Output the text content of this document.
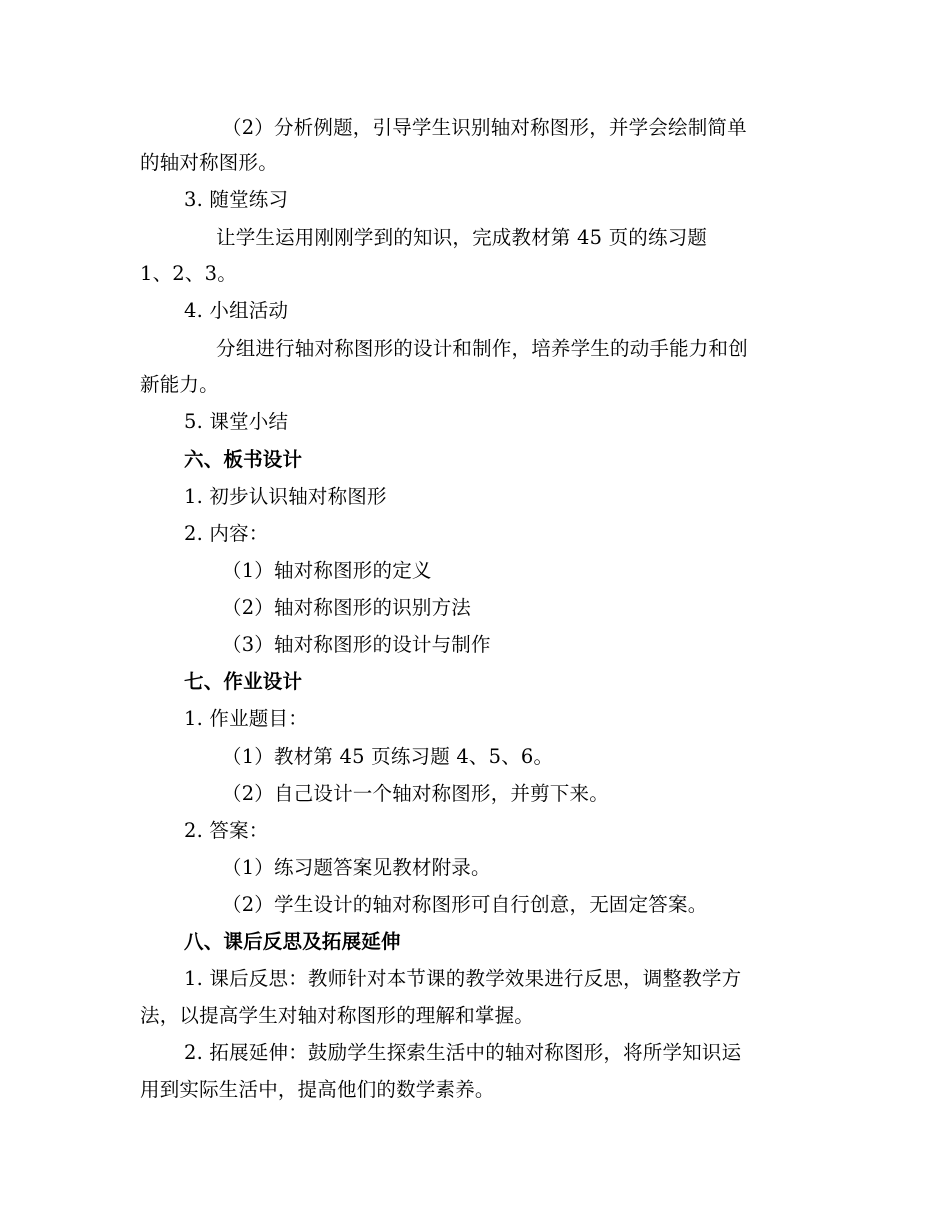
（2）分析例题，引导学生识别轴对称图形，并学会绘制简单
的轴对称图形。
3. 随堂练习
让学生运用刚刚学到的知识，完成教材第 45 页的练习题
1、2、3。
4. 小组活动
分组进行轴对称图形的设计和制作，培养学生的动手能力和创
新能力。
5. 课堂小结
六、板书设计
1. 初步认识轴对称图形
2. 内容：
（1）轴对称图形的定义
（2）轴对称图形的识别方法
（3）轴对称图形的设计与制作
七、作业设计
1. 作业题目：
（1）教材第 45 页练习题 4、5、6。
（2）自己设计一个轴对称图形，并剪下来。
2. 答案：
（1）练习题答案见教材附录。
（2）学生设计的轴对称图形可自行创意，无固定答案。
八、课后反思及拓展延伸
1. 课后反思：教师针对本节课的教学效果进行反思，调整教学方
法，以提高学生对轴对称图形的理解和掌握。
2. 拓展延伸：鼓励学生探索生活中的轴对称图形，将所学知识运
用到实际生活中，提高他们的数学素养。
